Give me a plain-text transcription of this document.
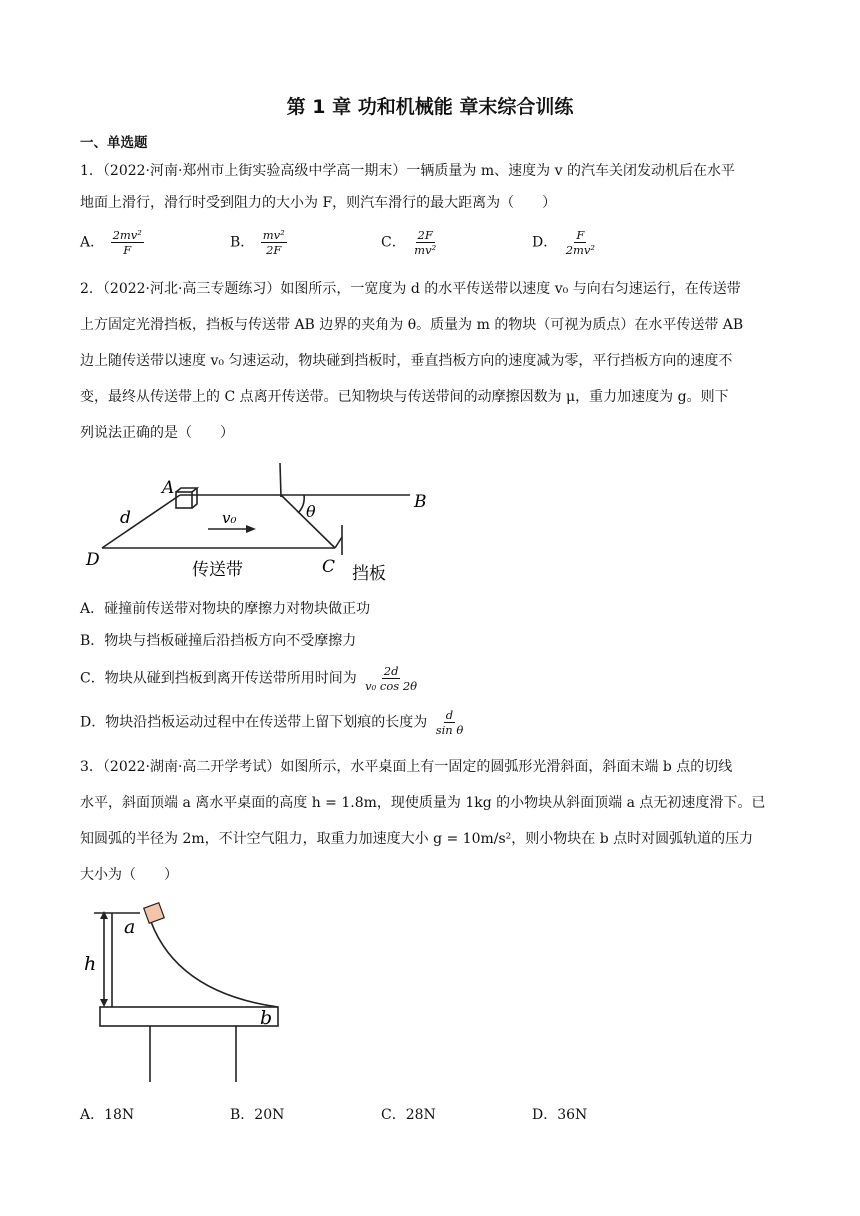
第 1 章 功和机械能 章末综合训练
一、单选题
1．（2022·河南·郑州市上街实验高级中学高一期末）一辆质量为 m、速度为 v 的汽车关闭发动机后在水平
地面上滑行，滑行时受到阻力的大小为 F，则汽车滑行的最大距离为（　　）
A． $\frac{\text{2mv²}}{F}$	B． $\frac{\text{mv²}}{2F}$	C． $\frac{2F}{\text{mv²}}$	D． $\frac{F}{\text{2mv²}}$
2．（2022·河北·高三专题练习）如图所示，一宽度为 d 的水平传送带以速度 v₀ 与向右匀速运行，在传送带
上方固定光滑挡板，挡板与传送带 AB 边界的夹角为 θ。质量为 m 的物块（可视为质点）在水平传送带 AB
边上随传送带以速度 v₀ 匀速运动，物块碰到挡板时，垂直挡板方向的速度减为零，平行挡板方向的速度不
变，最终从传送带上的 C 点离开传送带。已知物块与传送带间的动摩擦因数为 μ，重力加速度为 g。则下
列说法正确的是（　　）
A
B
C
D
d	v₀	θ
传送带	挡板
A．碰撞前传送带对物块的摩擦力对物块做正功
B．物块与挡板碰撞后沿挡板方向不受摩擦力
C．物块从碰到挡板到离开传送带所用时间为 $\frac{2d}{\text{v₀ cos 2θ}}$
D．物块沿挡板运动过程中在传送带上留下划痕的长度为 $\frac{d}{\text{sin θ}}$
3．（2022·湖南·高二开学考试）如图所示，水平桌面上有一固定的圆弧形光滑斜面，斜面末端 b 点的切线
水平，斜面顶端 a 离水平桌面的高度 h = 1.8m，现使质量为 1kg 的小物块从斜面顶端 a 点无初速度滑下。已
知圆弧的半径为 2m，不计空气阻力，取重力加速度大小 g = 10m/s²，则小物块在 b 点时对圆弧轨道的压力
大小为（　　）
a
b
h
A．18N	B．20N	C．28N	D．36N
